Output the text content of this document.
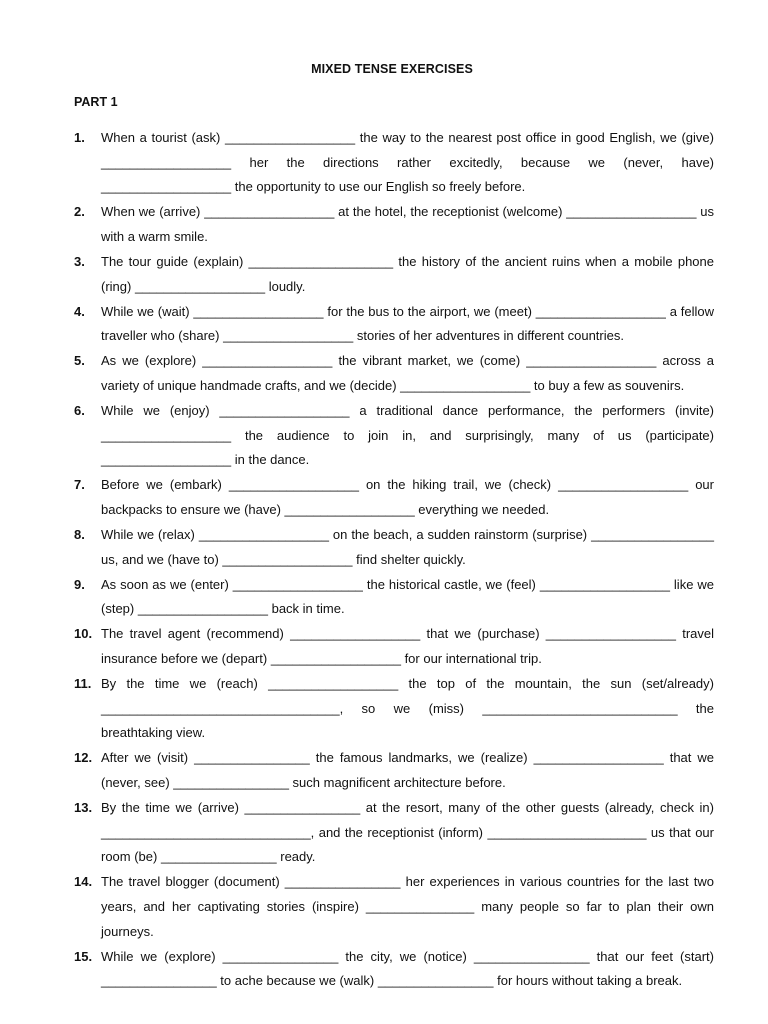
MIXED TENSE EXERCISES
PART 1
1.	When a tourist (ask) __________________ the way to the nearest post office in good English, we (give) __________________ her the directions rather excitedly, because we (never, have) __________________ the opportunity to use our English so freely before.
2.	When we (arrive) __________________ at the hotel, the receptionist (welcome) __________________ us with a warm smile.
3.	The tour guide (explain) ____________________ the history of the ancient ruins when a mobile phone (ring) __________________ loudly.
4.	While we (wait) __________________ for the bus to the airport, we (meet) __________________ a fellow traveller who (share) __________________ stories of her adventures in different countries.
5.	As we (explore) __________________ the vibrant market, we (come) __________________ across a variety of unique handmade crafts, and we (decide) __________________ to buy a few as souvenirs.
6.	While we (enjoy) __________________ a traditional dance performance, the performers (invite) __________________ the audience to join in, and surprisingly, many of us (participate) __________________ in the dance.
7.	Before we (embark) __________________ on the hiking trail, we (check) __________________ our backpacks to ensure we (have) __________________ everything we needed.
8.	While we (relax) __________________ on the beach, a sudden rainstorm (surprise) _________________ us, and we (have to) __________________ find shelter quickly.
9.	As soon as we (enter) __________________ the historical castle, we (feel) __________________ like we (step) __________________ back in time.
10. The travel agent (recommend) __________________ that we (purchase) __________________ travel insurance before we (depart) __________________ for our international trip.
11. By the time we (reach) __________________ the top of the mountain, the sun (set/already) _________________________________, so we (miss) ___________________________ the breathtaking view.
12. After we (visit) ________________ the famous landmarks, we (realize) __________________ that we (never, see) ________________ such magnificent architecture before.
13. By the time we (arrive) ________________ at the resort, many of the other guests (already, check in) _____________________________, and the receptionist (inform) ______________________ us that our room (be) ________________ ready.
14. The travel blogger (document) ________________ her experiences in various countries for the last two years, and her captivating stories (inspire) _______________ many people so far to plan their own journeys.
15. While we (explore) ________________ the city, we (notice) ________________ that our feet (start) ________________ to ache because we (walk) ________________ for hours without taking a break.
